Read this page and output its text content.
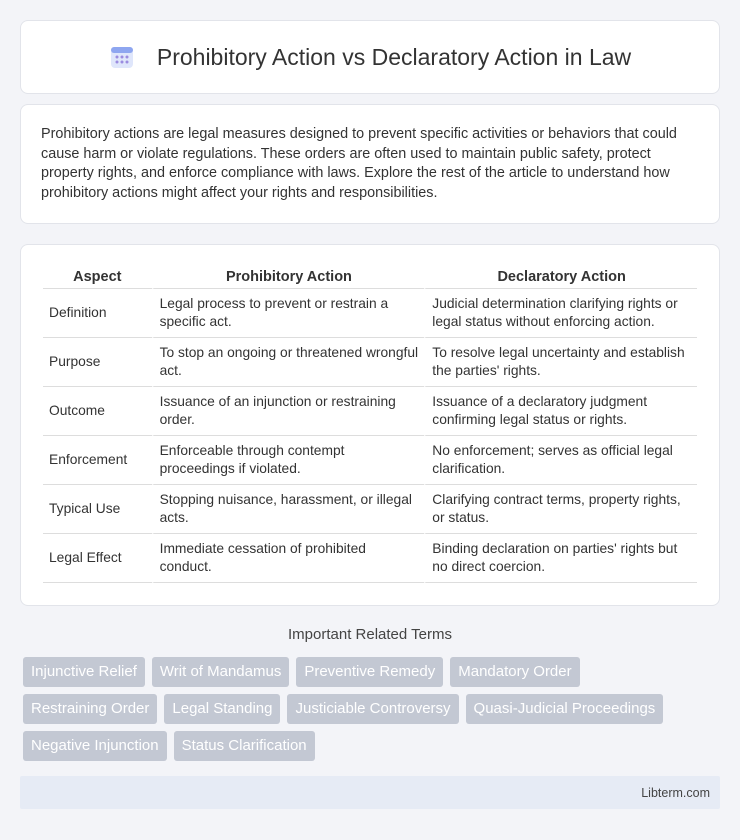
Prohibitory Action vs Declaratory Action in Law

Prohibitory actions are legal measures designed to prevent specific activities or behaviors that could cause harm or violate regulations. These orders are often used to maintain public safety, protect property rights, and enforce compliance with laws. Explore the rest of the article to understand how prohibitory actions might affect your rights and responsibilities.

Aspect	Prohibitory Action	Declaratory Action
Definition	Legal process to prevent or restrain a specific act.	Judicial determination clarifying rights or legal status without enforcing action.
Purpose	To stop an ongoing or threatened wrongful act.	To resolve legal uncertainty and establish the parties' rights.
Outcome	Issuance of an injunction or restraining order.	Issuance of a declaratory judgment confirming legal status or rights.
Enforcement	Enforceable through contempt proceedings if violated.	No enforcement; serves as official legal clarification.
Typical Use	Stopping nuisance, harassment, or illegal acts.	Clarifying contract terms, property rights, or status.
Legal Effect	Immediate cessation of prohibited conduct.	Binding declaration on parties' rights but no direct coercion.
Important Related Terms
Injunctive Relief	Writ of Mandamus	Preventive Remedy	Mandatory Order
Restraining Order	Legal Standing	Justiciable Controversy	Quasi-Judicial Proceedings
Negative Injunction	Status Clarification
Libterm.com
